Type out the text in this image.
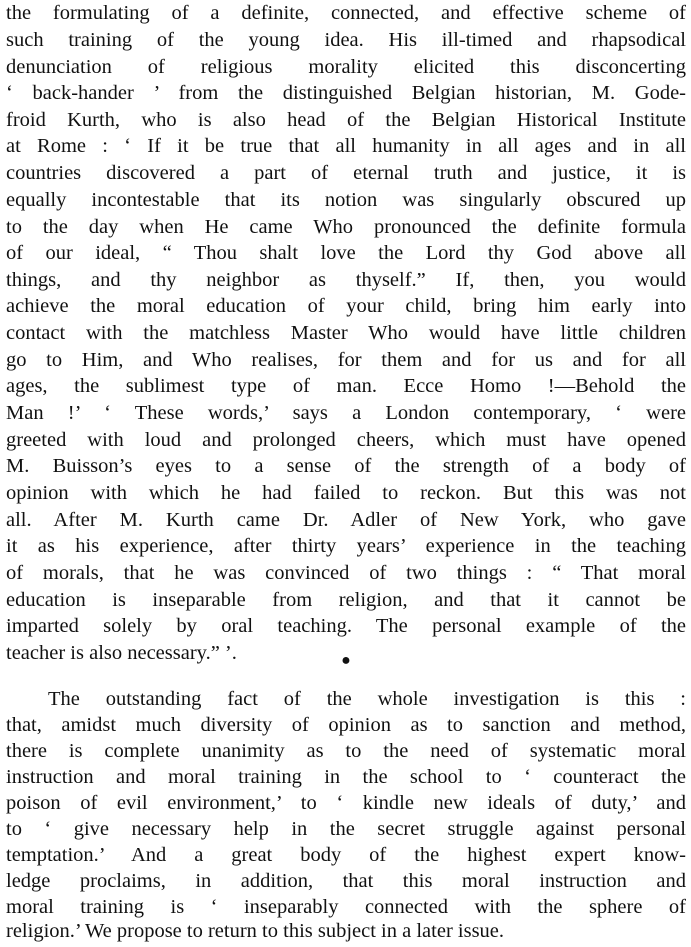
the formulating of a definite, connected, and effective scheme of
such training of the young idea. His ill-timed and rhapsodical
denunciation of religious morality elicited this disconcerting
‘ back-hander ’ from the distinguished Belgian historian, M. Gode-
froid Kurth, who is also head of the Belgian Historical Institute
at Rome : ‘ If it be true that all humanity in all ages and in all
countries discovered a part of eternal truth and justice, it is
equally incontestable that its notion was singularly obscured up
to the day when He came Who pronounced the definite formula
of our ideal, “ Thou shalt love the Lord thy God above all
things, and thy neighbor as thyself.” If, then, you would
achieve the moral education of your child, bring him early into
contact with the matchless Master Who would have little children
go to Him, and Who realises, for them and for us and for all
ages, the sublimest type of man. Ecce Homo !—Behold the
Man !’ ‘ These words,’ says a London contemporary, ‘ were
greeted with loud and prolonged cheers, which must have opened
M. Buisson’s eyes to a sense of the strength of a body of
opinion with which he had failed to reckon. But this was not
all. After M. Kurth came Dr. Adler of New York, who gave
it as his experience, after thirty years’ experience in the teaching
of morals, that he was convinced of two things : “ That moral
education is inseparable from religion, and that it cannot be
imparted solely by oral teaching. The personal example of the
teacher is also necessary.” ’.	●
The outstanding fact of the whole investigation is this :
that, amidst much diversity of opinion as to sanction and method,
there is complete unanimity as to the need of systematic moral
instruction and moral training in the school to ‘ counteract the
poison of evil environment,’ to ‘ kindle new ideals of duty,’ and
to ‘ give necessary help in the secret struggle against personal
temptation.’ And a great body of the highest expert know-
ledge proclaims, in addition, that this moral instruction and
moral training is ‘ inseparably connected with the sphere of
religion.’ We propose to return to this subject in a later issue.
